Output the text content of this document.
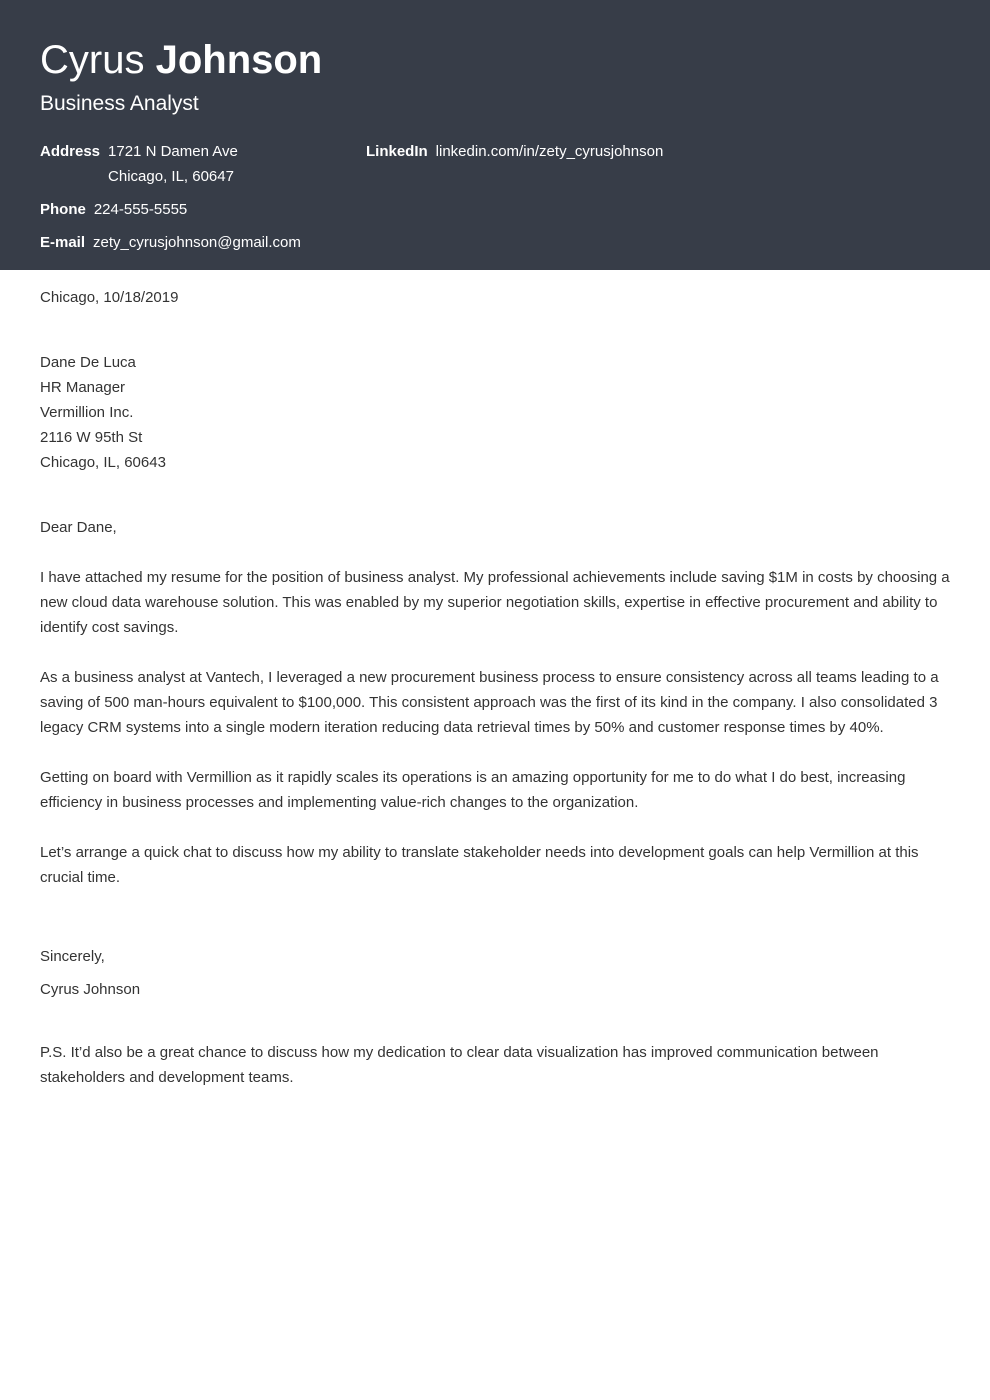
Cyrus Johnson
Business Analyst
Address 1721 N Damen Ave
Chicago, IL, 60647
LinkedIn linkedin.com/in/zety_cyrusjohnson
Phone 224-555-5555
E-mail zety_cyrusjohnson@gmail.com
Chicago, 10/18/2019
Dane De Luca
HR Manager
Vermillion Inc.
2116 W 95th St
Chicago, IL, 60643
Dear Dane,
I have attached my resume for the position of business analyst. My professional achievements include saving $1M in costs by choosing a new cloud data warehouse solution. This was enabled by my superior negotiation skills, expertise in effective procurement and ability to identify cost savings.
As a business analyst at Vantech, I leveraged a new procurement business process to ensure consistency across all teams leading to a saving of 500 man-hours equivalent to $100,000. This consistent approach was the first of its kind in the company. I also consolidated 3 legacy CRM systems into a single modern iteration reducing data retrieval times by 50% and customer response times by 40%.
Getting on board with Vermillion as it rapidly scales its operations is an amazing opportunity for me to do what I do best, increasing efficiency in business processes and implementing value-rich changes to the organization.
Let’s arrange a quick chat to discuss how my ability to translate stakeholder needs into development goals can help Vermillion at this crucial time.
Sincerely,
Cyrus Johnson
P.S. It’d also be a great chance to discuss how my dedication to clear data visualization has improved communication between stakeholders and development teams.
